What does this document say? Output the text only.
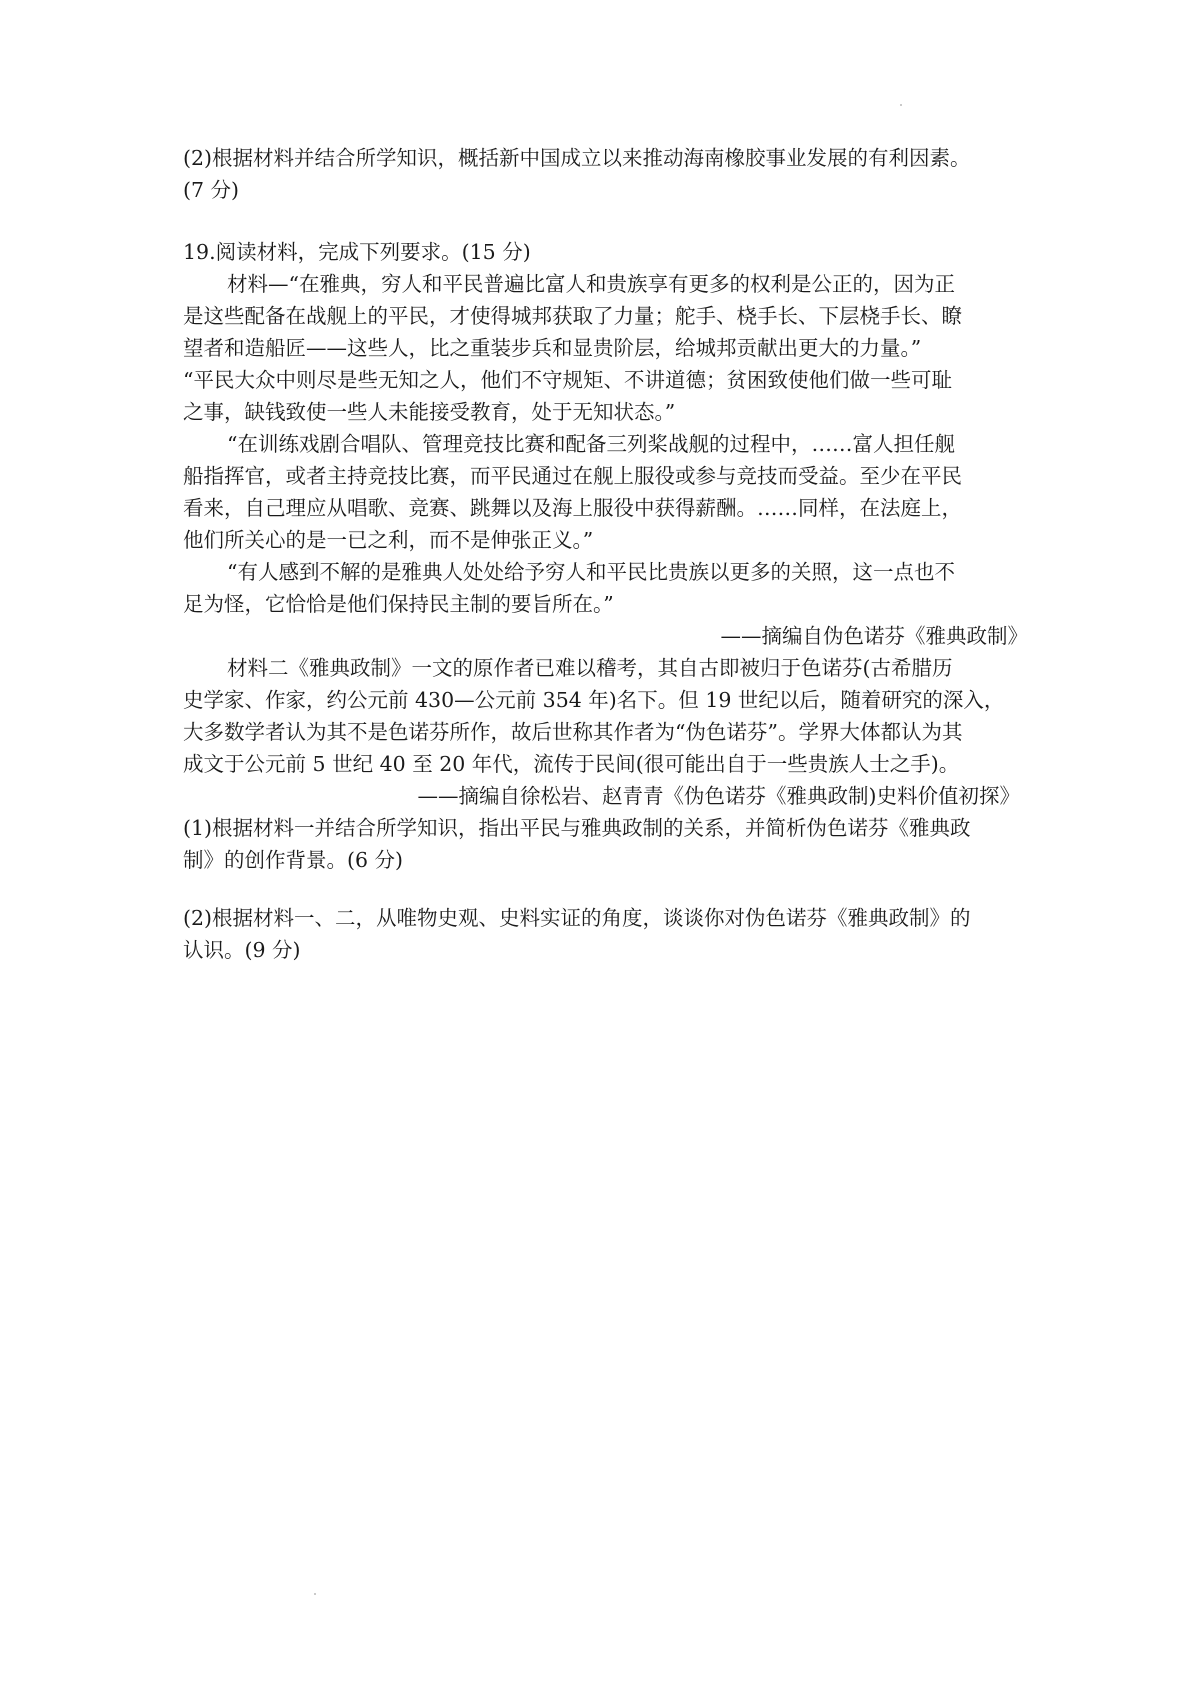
(2)根据材料并结合所学知识，概括新中国成立以来推动海南橡胶事业发展的有利因素。
(7 分)
19.阅读材料，完成下列要求。(15 分)
材料—“在雅典，穷人和平民普遍比富人和贵族享有更多的权利是公正的，因为正
是这些配备在战舰上的平民，才使得城邦获取了力量；舵手、桡手长、下层桡手长、瞭
望者和造船匠——这些人，比之重装步兵和显贵阶层，给城邦贡献出更大的力量。”
“平民大众中则尽是些无知之人，他们不守规矩、不讲道德；贫困致使他们做一些可耻
之事，缺钱致使一些人未能接受教育，处于无知状态。”
“在训练戏剧合唱队、管理竞技比赛和配备三列桨战舰的过程中，……富人担任舰
船指挥官，或者主持竞技比赛，而平民通过在舰上服役或参与竞技而受益。至少在平民
看来，自己理应从唱歌、竞赛、跳舞以及海上服役中获得薪酬。……同样，在法庭上，
他们所关心的是一已之利，而不是伸张正义。”
“有人感到不解的是雅典人处处给予穷人和平民比贵族以更多的关照，这一点也不
足为怪，它恰恰是他们保持民主制的要旨所在。”
——摘编自伪色诺芬《雅典政制》
材料二《雅典政制》一文的原作者已难以稽考，其自古即被归于色诺芬(古希腊历
史学家、作家，约公元前 430—公元前 354 年)名下。但 19 世纪以后，随着研究的深入，
大多数学者认为其不是色诺芬所作，故后世称其作者为“伪色诺芬”。学界大体都认为其
成文于公元前 5 世纪 40 至 20 年代，流传于民间(很可能出自于一些贵族人士之手)。
——摘编自徐松岩、赵青青《伪色诺芬《雅典政制)史料价值初探》
(1)根据材料一并结合所学知识，指出平民与雅典政制的关系，并简析伪色诺芬《雅典政
制》的创作背景。(6 分)
(2)根据材料一、二，从唯物史观、史料实证的角度，谈谈你对伪色诺芬《雅典政制》的
认识。(9 分)
